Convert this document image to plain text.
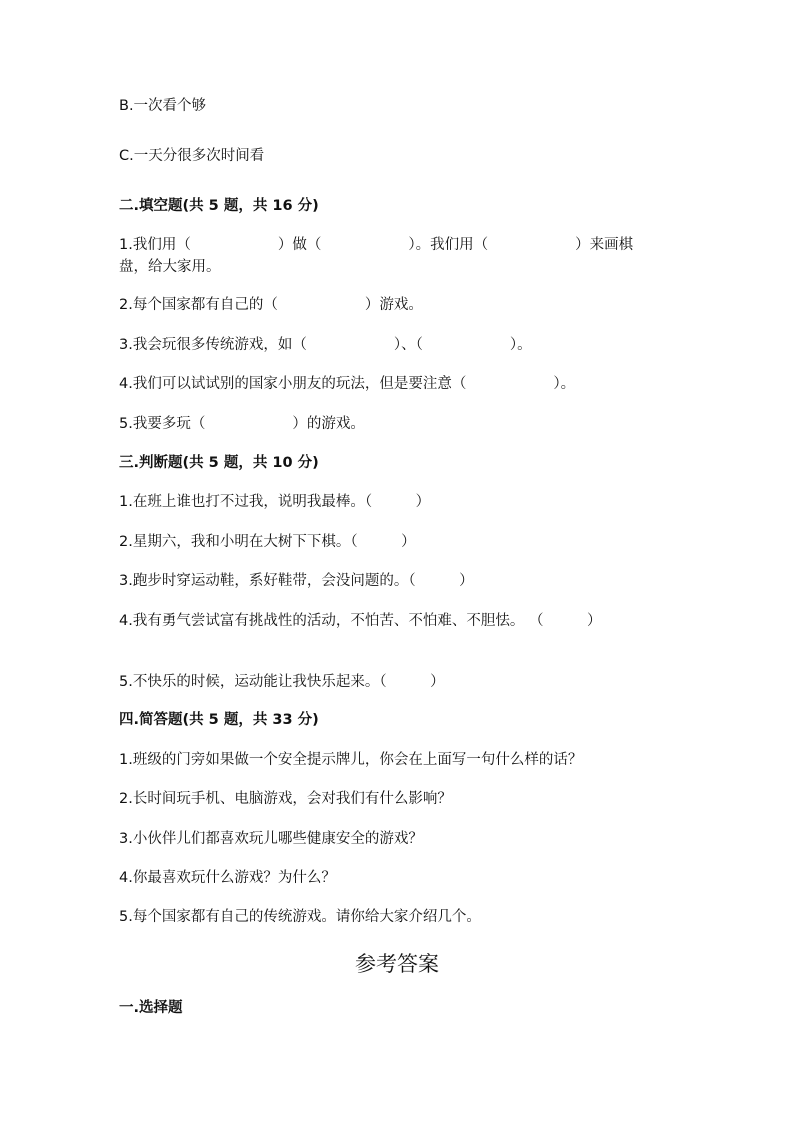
B.一次看个够
C.一天分很多次时间看
二.填空题(共 5 题，共 16 分)
1.我们用（　　　　　　）做（　　　　　　）。我们用（　　　　　　）来画棋
盘，给大家用。
2.每个国家都有自己的（　　　　　　）游戏。
3.我会玩很多传统游戏，如（　　　　　　）、（　　　　　　）。
4.我们可以试试别的国家小朋友的玩法，但是要注意（　　　　　　）。
5.我要多玩（　　　　　　）的游戏。
三.判断题(共 5 题，共 10 分)
1.在班上谁也打不过我，说明我最棒。（　　　）
2.星期六，我和小明在大树下下棋。（　　　）
3.跑步时穿运动鞋，系好鞋带，会没问题的。（　　　）
4.我有勇气尝试富有挑战性的活动，不怕苦、不怕难、不胆怯。 （　　　）
5.不快乐的时候，运动能让我快乐起来。（　　　）
四.简答题(共 5 题，共 33 分)
1.班级的门旁如果做一个安全提示牌儿，你会在上面写一句什么样的话？
2.长时间玩手机、电脑游戏，会对我们有什么影响？
3.小伙伴儿们都喜欢玩儿哪些健康安全的游戏？
4.你最喜欢玩什么游戏？为什么？
5.每个国家都有自己的传统游戏。请你给大家介绍几个。
参考答案
一.选择题
